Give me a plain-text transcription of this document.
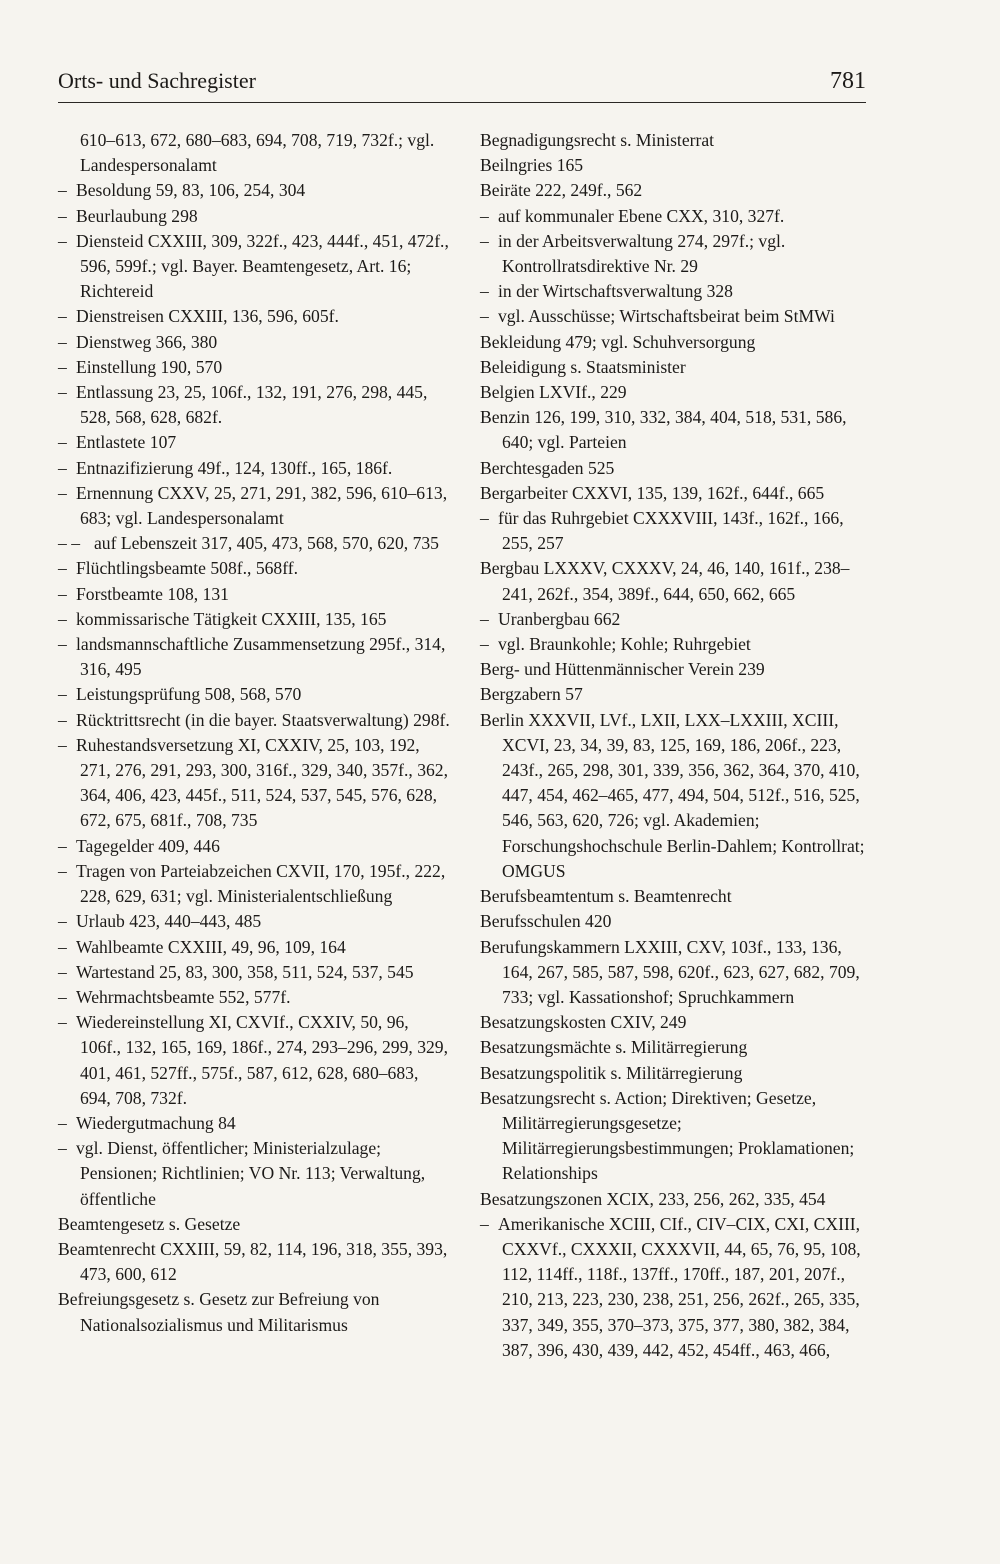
Orts- und Sachregister	781

610–613, 672, 680–683, 694, 708, 719, 732f.; vgl. Landespersonalamt

– Besoldung 59, 83, 106, 254, 304

– Beurlaubung 298

– Diensteid CXXIII, 309, 322f., 423, 444f., 451, 472f., 596, 599f.; vgl. Bayer. Beamtengesetz, Art. 16; Richtereid

– Dienstreisen CXXIII, 136, 596, 605f.

– Dienstweg 366, 380

– Einstellung 190, 570

– Entlassung 23, 25, 106f., 132, 191, 276, 298, 445, 528, 568, 628, 682f.

– Entlastete 107

– Entnazifizierung 49f., 124, 130ff., 165, 186f.

– Ernennung CXXV, 25, 271, 291, 382, 596, 610–613, 683; vgl. Landespersonalamt

– – auf Lebenszeit 317, 405, 473, 568, 570, 620, 735

– Flüchtlingsbeamte 508f., 568ff.

– Forstbeamte 108, 131

– kommissarische Tätigkeit CXXIII, 135, 165

– landsmannschaftliche Zusammensetzung 295f., 314, 316, 495

– Leistungsprüfung 508, 568, 570

– Rücktrittsrecht (in die bayer. Staatsverwaltung) 298f.

– Ruhestandsversetzung XI, CXXIV, 25, 103, 192, 271, 276, 291, 293, 300, 316f., 329, 340, 357f., 362, 364, 406, 423, 445f., 511, 524, 537, 545, 576, 628, 672, 675, 681f., 708, 735

– Tagegelder 409, 446

– Tragen von Parteiabzeichen CXVII, 170, 195f., 222, 228, 629, 631; vgl. Ministerialentschließung

– Urlaub 423, 440–443, 485

– Wahlbeamte CXXIII, 49, 96, 109, 164

– Wartestand 25, 83, 300, 358, 511, 524, 537, 545

– Wehrmachtsbeamte 552, 577f.

– Wiedereinstellung XI, CXVIf., CXXIV, 50, 96, 106f., 132, 165, 169, 186f., 274, 293–296, 299, 329, 401, 461, 527ff., 575f., 587, 612, 628, 680–683, 694, 708, 732f.

– Wiedergutmachung 84

– vgl. Dienst, öffentlicher; Ministerialzulage; Pensionen; Richtlinien; VO Nr. 113; Verwaltung, öffentliche

Beamtengesetz s. Gesetze

Beamtenrecht CXXIII, 59, 82, 114, 196, 318, 355, 393, 473, 600, 612

Befreiungsgesetz s. Gesetz zur Befreiung von Nationalsozialismus und Militarismus

Begnadigungsrecht s. Ministerrat

Beilngries 165

Beiräte 222, 249f., 562

– auf kommunaler Ebene CXX, 310, 327f.

– in der Arbeitsverwaltung 274, 297f.; vgl. Kontrollratsdirektive Nr. 29

– in der Wirtschaftsverwaltung 328

– vgl. Ausschüsse; Wirtschaftsbeirat beim StMWi

Bekleidung 479; vgl. Schuhversorgung

Beleidigung s. Staatsminister

Belgien LXVIf., 229

Benzin 126, 199, 310, 332, 384, 404, 518, 531, 586, 640; vgl. Parteien

Berchtesgaden 525

Bergarbeiter CXXVI, 135, 139, 162f., 644f., 665

– für das Ruhrgebiet CXXXVIII, 143f., 162f., 166, 255, 257

Bergbau LXXXV, CXXXV, 24, 46, 140, 161f., 238–241, 262f., 354, 389f., 644, 650, 662, 665

– Uranbergbau 662

– vgl. Braunkohle; Kohle; Ruhrgebiet

Berg- und Hüttenmännischer Verein 239

Bergzabern 57

Berlin XXXVII, LVf., LXII, LXX–LXXIII, XCIII, XCVI, 23, 34, 39, 83, 125, 169, 186, 206f., 223, 243f., 265, 298, 301, 339, 356, 362, 364, 370, 410, 447, 454, 462–465, 477, 494, 504, 512f., 516, 525, 546, 563, 620, 726; vgl. Akademien; Forschungshochschule Berlin-Dahlem; Kontrollrat; OMGUS

Berufsbeamtentum s. Beamtenrecht

Berufsschulen 420

Berufungskammern LXXIII, CXV, 103f., 133, 136, 164, 267, 585, 587, 598, 620f., 623, 627, 682, 709, 733; vgl. Kassationshof; Spruchkammern

Besatzungskosten CXIV, 249

Besatzungsmächte s. Militärregierung

Besatzungspolitik s. Militärregierung

Besatzungsrecht s. Action; Direktiven; Gesetze, Militärregierungsgesetze; Militärregierungsbestimmungen; Proklamationen; Relationships

Besatzungszonen XCIX, 233, 256, 262, 335, 454

– Amerikanische XCIII, CIf., CIV–CIX, CXI, CXIII, CXXVf., CXXXII, CXXXVII, 44, 65, 76, 95, 108, 112, 114ff., 118f., 137ff., 170ff., 187, 201, 207f., 210, 213, 223, 230, 238, 251, 256, 262f., 265, 335, 337, 349, 355, 370–373, 375, 377, 380, 382, 384, 387, 396, 430, 439, 442, 452, 454ff., 463, 466,
